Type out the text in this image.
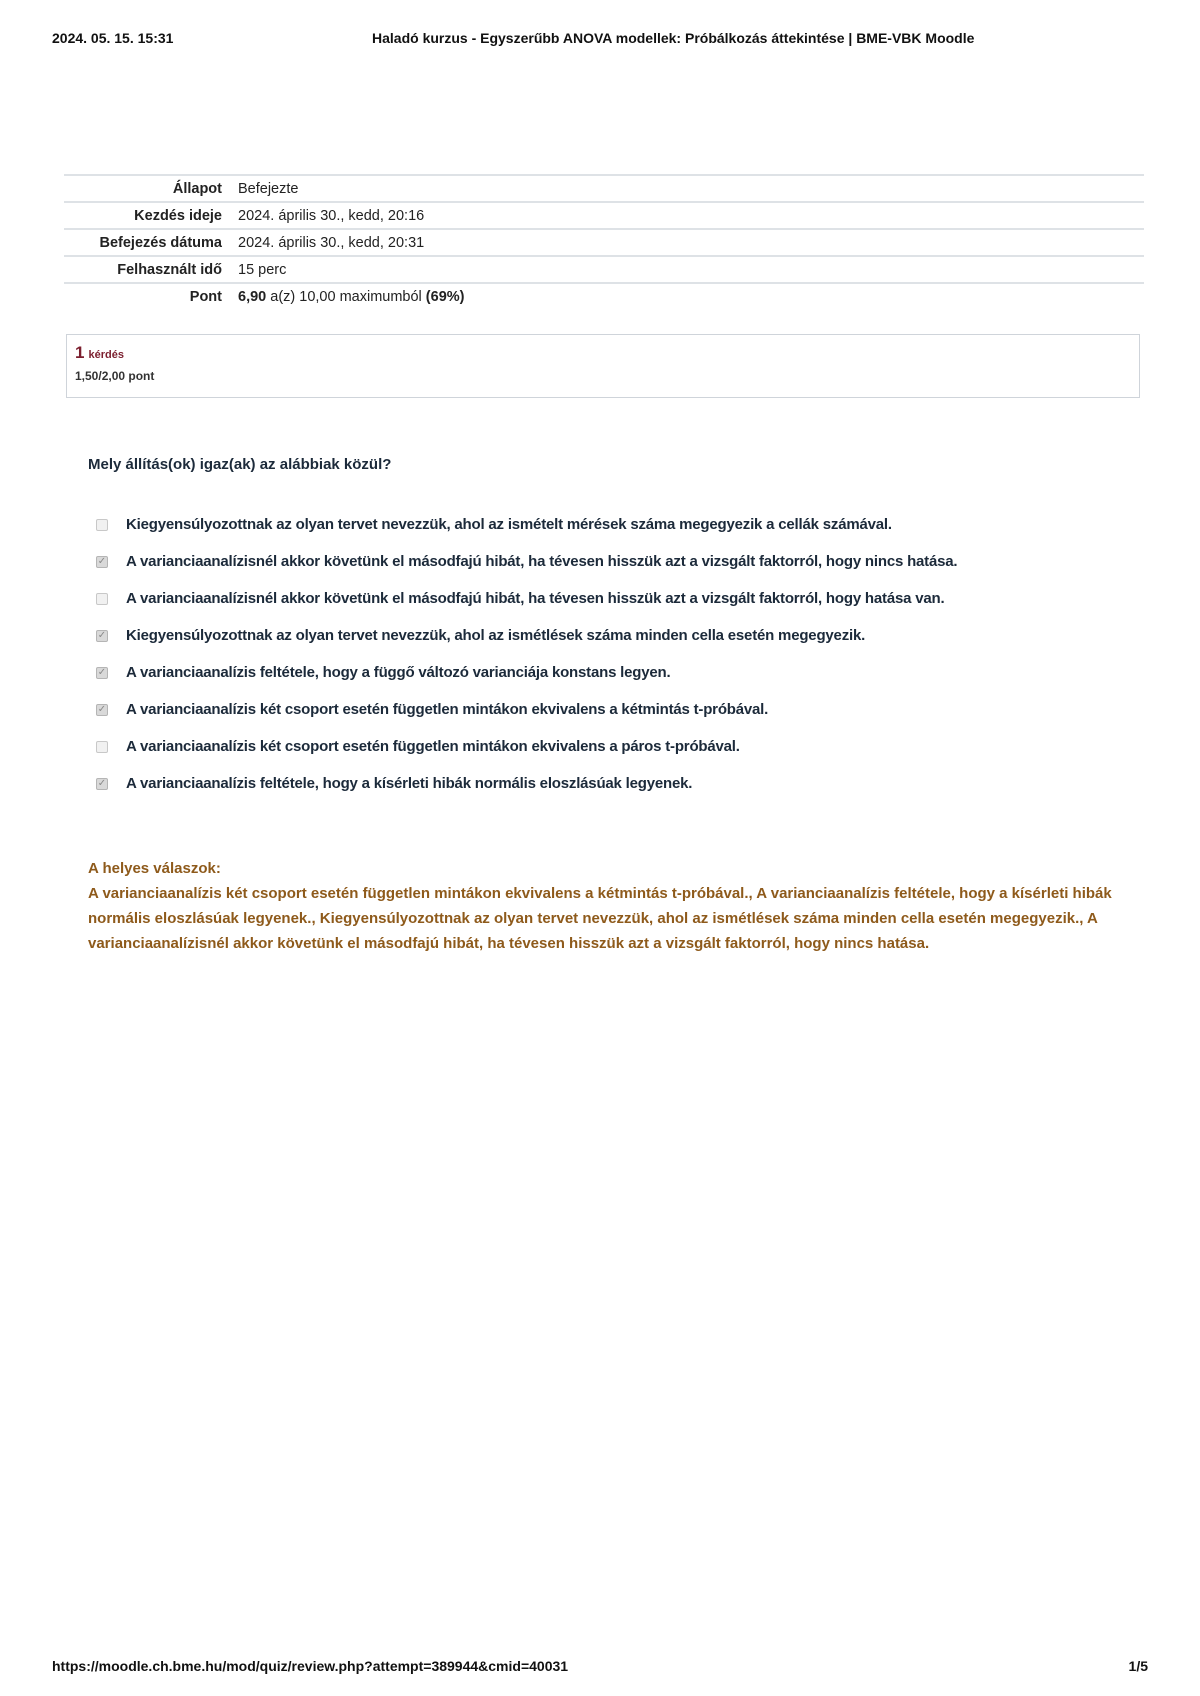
2024. 05. 15. 15:31	Haladó kurzus - Egyszerűbb ANOVA modellek: Próbálkozás áttekintése | BME-VBK Moodle
Állapot	Befejezte
Kezdés ideje	2024. április 30., kedd, 20:16
Befejezés dátuma	2024. április 30., kedd, 20:31
Felhasznált idő	15 perc
Pont	6,90 a(z) 10,00 maximumból (69%)
1 kérdés
1,50/2,00 pont
Mely állítás(ok) igaz(ak) az alábbiak közül?
Kiegyensúlyozottnak az olyan tervet nevezzük, ahol az ismételt mérések száma megegyezik a cellák számával.
✓ A varianciaanalízisnél akkor követünk el másodfajú hibát, ha tévesen hisszük azt a vizsgált faktorról, hogy nincs hatása.
A varianciaanalízisnél akkor követünk el másodfajú hibát, ha tévesen hisszük azt a vizsgált faktorról, hogy hatása van.
✓ Kiegyensúlyozottnak az olyan tervet nevezzük, ahol az ismétlések száma minden cella esetén megegyezik.
✓ A varianciaanalízis feltétele, hogy a függő változó varianciája konstans legyen.
✓ A varianciaanalízis két csoport esetén független mintákon ekvivalens a kétmintás t-próbával.
A varianciaanalízis két csoport esetén független mintákon ekvivalens a páros t-próbával.
✓ A varianciaanalízis feltétele, hogy a kísérleti hibák normális eloszlásúak legyenek.
A helyes válaszok:
A varianciaanalízis két csoport esetén független mintákon ekvivalens a kétmintás t-próbával., A varianciaanalízis feltétele, hogy a kísérleti hibák normális eloszlásúak legyenek., Kiegyensúlyozottnak az olyan tervet nevezzük, ahol az ismétlések száma minden cella esetén megegyezik., A varianciaanalízisnél akkor követünk el másodfajú hibát, ha tévesen hisszük azt a vizsgált faktorról, hogy nincs hatása.
https://moodle.ch.bme.hu/mod/quiz/review.php?attempt=389944&cmid=40031	1/5
